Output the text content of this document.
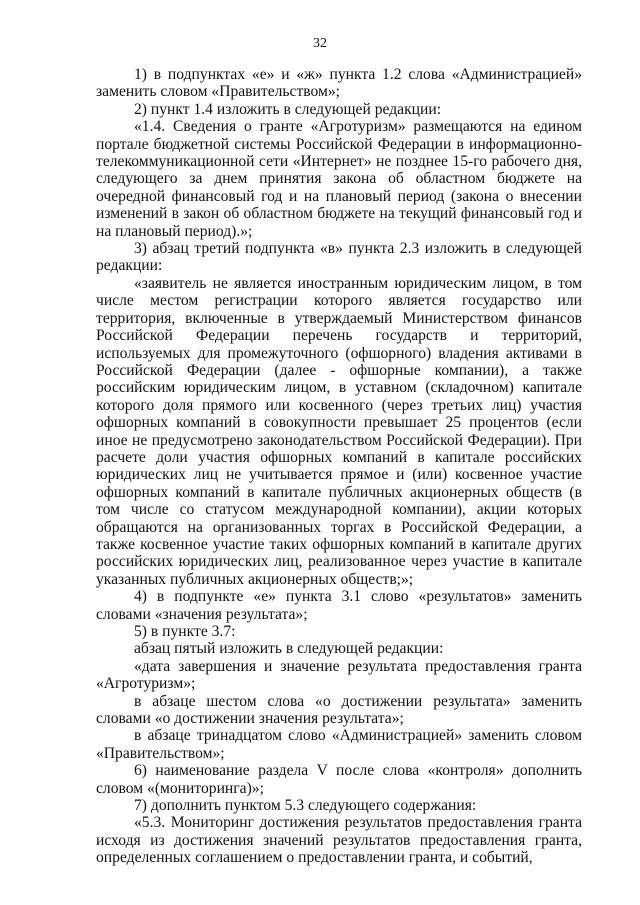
32

1) в подпунктах «е» и «ж» пункта 1.2 слова «Администрацией» заменить словом «Правительством»;

2) пункт 1.4 изложить в следующей редакции:

«1.4. Сведения о гранте «Агротуризм» размещаются на едином портале бюджетной системы Российской Федерации в информационно-телекоммуникационной сети «Интернет» не позднее 15-го рабочего дня, следующего за днем принятия закона об областном бюджете на очередной финансовый год и на плановый период (закона о внесении изменений в закон об областном бюджете на текущий финансовый год и на плановый период).»;

3) абзац третий подпункта «в» пункта 2.3 изложить в следующей редакции:

«заявитель не является иностранным юридическим лицом, в том числе местом регистрации которого является государство или территория, включенные в утверждаемый Министерством финансов Российской Федерации перечень государств и территорий, используемых для промежуточного (офшорного) владения активами в Российской Федерации (далее - офшорные компании), а также российским юридическим лицом, в уставном (складочном) капитале которого доля прямого или косвенного (через третьих лиц) участия офшорных компаний в совокупности превышает 25 процентов (если иное не предусмотрено законодательством Российской Федерации). При расчете доли участия офшорных компаний в капитале российских юридических лиц не учитывается прямое и (или) косвенное участие офшорных компаний в капитале публичных акционерных обществ (в том числе со статусом международной компании), акции которых обращаются на организованных торгах в Российской Федерации, а также косвенное участие таких офшорных компаний в капитале других российских юридических лиц, реализованное через участие в капитале указанных публичных акционерных обществ;»;

4) в подпункте «е» пункта 3.1 слово «результатов» заменить словами «значения результата»;

5) в пункте 3.7:

абзац пятый изложить в следующей редакции:

«дата завершения и значение результата предоставления гранта «Агротуризм»;

в абзаце шестом слова «о достижении результата» заменить словами «о достижении значения результата»;

в абзаце тринадцатом слово «Администрацией» заменить словом «Правительством»;

6) наименование раздела V после слова «контроля» дополнить словом «(мониторинга)»;

7) дополнить пунктом 5.3 следующего содержания:

«5.3. Мониторинг достижения результатов предоставления гранта исходя из достижения значений результатов предоставления гранта, определенных соглашением о предоставлении гранта, и событий,
